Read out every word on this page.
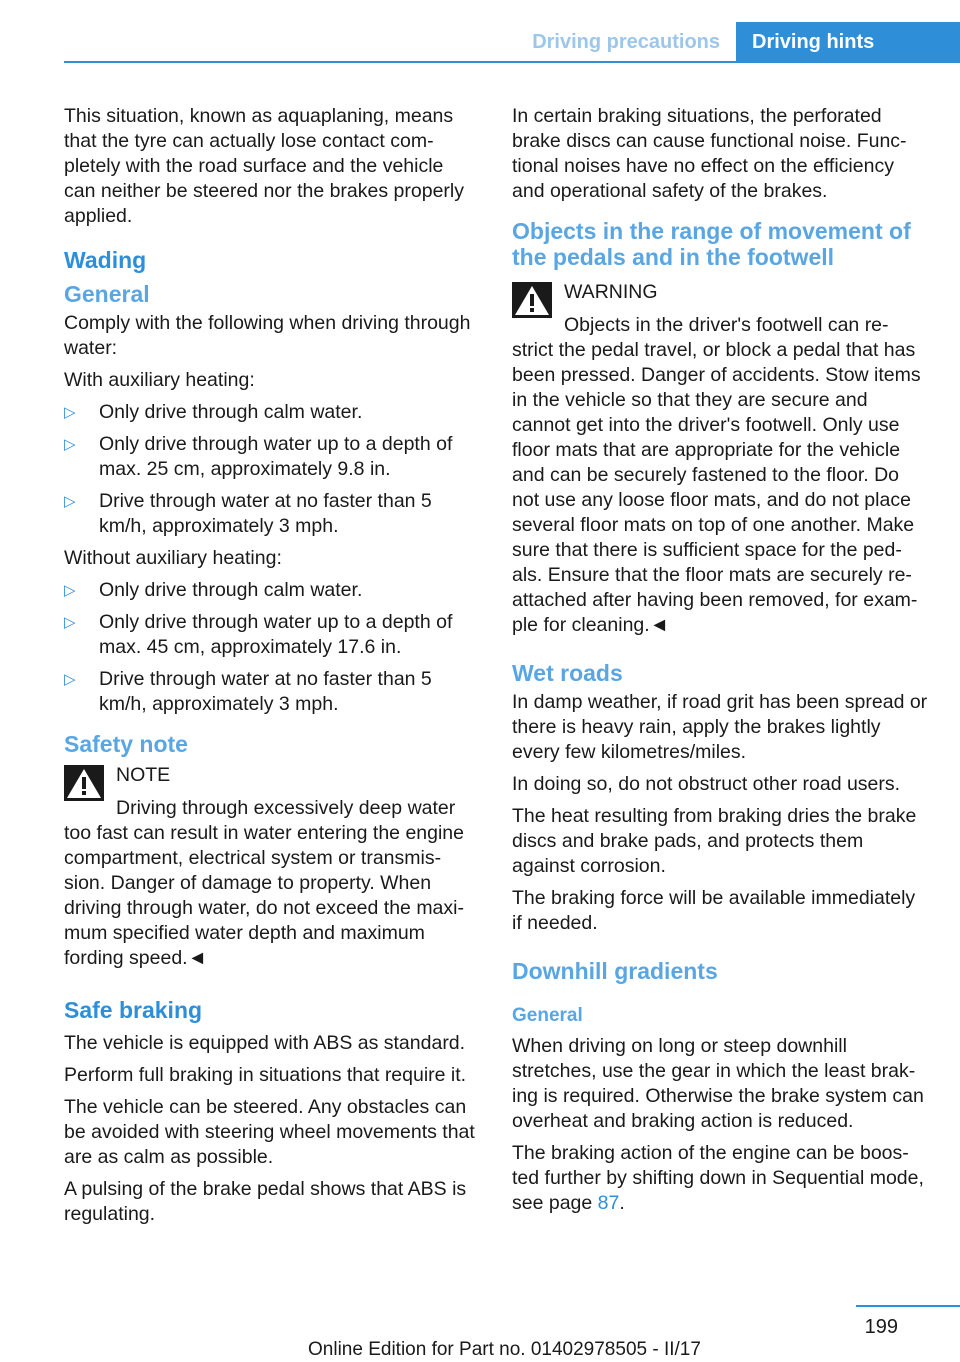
Driving precautions	Driving hints

This situation, known as aquaplaning, means that the tyre can actually lose contact com-pletely with the road surface and the vehicle can neither be steered nor the brakes properly applied.

Wading
General

Comply with the following when driving through water:

With auxiliary heating:

▷ Only drive through calm water.
▷ Only drive through water up to a depth of max. 25 cm, approximately 9.8 in.
▷ Drive through water at no faster than 5 km/h, approximately 3 mph.

Without auxiliary heating:

▷ Only drive through calm water.
▷ Only drive through water up to a depth of max. 45 cm, approximately 17.6 in.
▷ Drive through water at no faster than 5 km/h, approximately 3 mph.
Safety note
NOTE
Driving through excessively deep water too fast can result in water entering the engine compartment, electrical system or transmis-sion. Danger of damage to property. When driving through water, do not exceed the maxi-mum specified water depth and maximum fording speed.◄
Safe braking

The vehicle is equipped with ABS as standard.

Perform full braking in situations that require it.

The vehicle can be steered. Any obstacles can be avoided with steering wheel movements that are as calm as possible.

A pulsing of the brake pedal shows that ABS is regulating.

In certain braking situations, the perforated brake discs can cause functional noise. Func-tional noises have no effect on the efficiency and operational safety of the brakes.

Objects in the range of movement of the pedals and in the footwell
WARNING
Objects in the driver's footwell can re-strict the pedal travel, or block a pedal that has been pressed. Danger of accidents. Stow items in the vehicle so that they are secure and cannot get into the driver's footwell. Only use floor mats that are appropriate for the vehicle and can be securely fastened to the floor. Do not use any loose floor mats, and do not place several floor mats on top of one another. Make sure that there is sufficient space for the ped-als. Ensure that the floor mats are securely re-attached after having been removed, for exam-ple for cleaning.◄
Wet roads

In damp weather, if road grit has been spread or there is heavy rain, apply the brakes lightly every few kilometres/miles.

In doing so, do not obstruct other road users.

The heat resulting from braking dries the brake discs and brake pads, and protects them against corrosion.

The braking force will be available immediately if needed.

Downhill gradients
General

When driving on long or steep downhill stretches, use the gear in which the least brak-ing is required. Otherwise the brake system can overheat and braking action is reduced.

The braking action of the engine can be boos-ted further by shifting down in Sequential mode, see page 87.

199
Online Edition for Part no. 01402978505 - II/17
